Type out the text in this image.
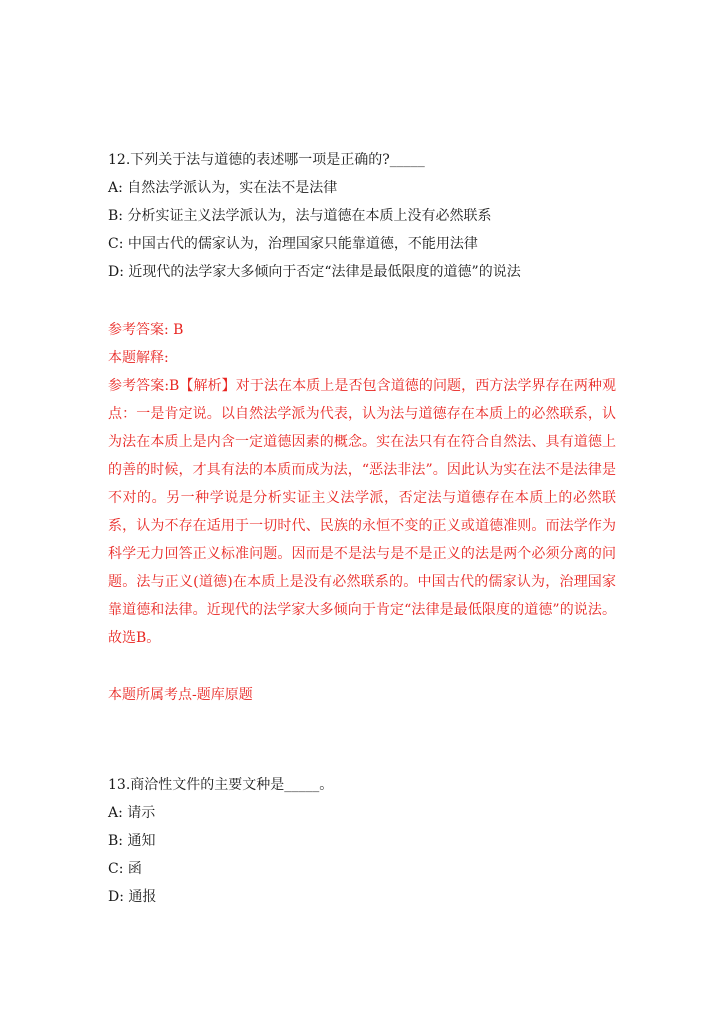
12.下列关于法与道德的表述哪一项是正确的?_____
A: 自然法学派认为，实在法不是法律
B: 分析实证主义法学派认为，法与道德在本质上没有必然联系
C: 中国古代的儒家认为，治理国家只能靠道德，不能用法律
D: 近现代的法学家大多倾向于否定“法律是最低限度的道德”的说法
参考答案: B
本题解释:

参考答案:B【解析】对于法在本质上是否包含道德的问题，西方法学界存在两种观点：一是肯定说。以自然法学派为代表，认为法与道德存在本质上的必然联系，认为法在本质上是内含一定道德因素的概念。实在法只有在符合自然法、具有道德上的善的时候，才具有法的本质而成为法，“恶法非法”。因此认为实在法不是法律是不对的。另一种学说是分析实证主义法学派，否定法与道德存在本质上的必然联系，认为不存在适用于一切时代、民族的永恒不变的正义或道德准则。而法学作为科学无力回答正义标准问题。因而是不是法与是不是正义的法是两个必须分离的问题。法与正义(道德)在本质上是没有必然联系的。中国古代的儒家认为，治理国家靠道德和法律。近现代的法学家大多倾向于肯定“法律是最低限度的道德”的说法。故选B。

本题所属考点-题库原题
13.商洽性文件的主要文种是_____。
A: 请示
B: 通知
C: 函
D: 通报
